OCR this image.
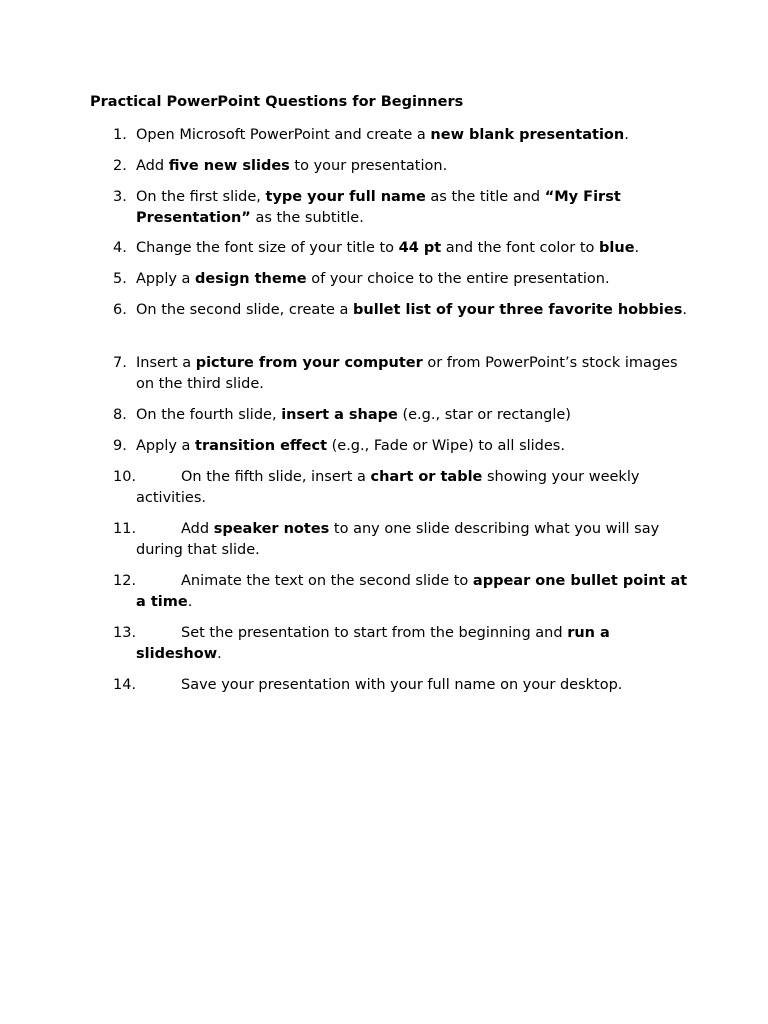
Practical PowerPoint Questions for Beginners
1. Open Microsoft PowerPoint and create a new blank presentation.
2. Add five new slides to your presentation.
3. On the first slide, type your full name as the title and “My First Presentation” as the subtitle.
4. Change the font size of your title to 44 pt and the font color to blue.
5. Apply a design theme of your choice to the entire presentation.
6. On the second slide, create a bullet list of your three favorite hobbies.
7. Insert a picture from your computer or from PowerPoint’s stock images on the third slide.
8. On the fourth slide, insert a shape (e.g., star or rectangle)
9. Apply a transition effect (e.g., Fade or Wipe) to all slides.
10.	On the fifth slide, insert a chart or table showing your weekly activities.
11.	Add speaker notes to any one slide describing what you will say during that slide.
12.	Animate the text on the second slide to appear one bullet point at a time.
13.	Set the presentation to start from the beginning and run a slideshow.
14.	Save your presentation with your full name on your desktop.
